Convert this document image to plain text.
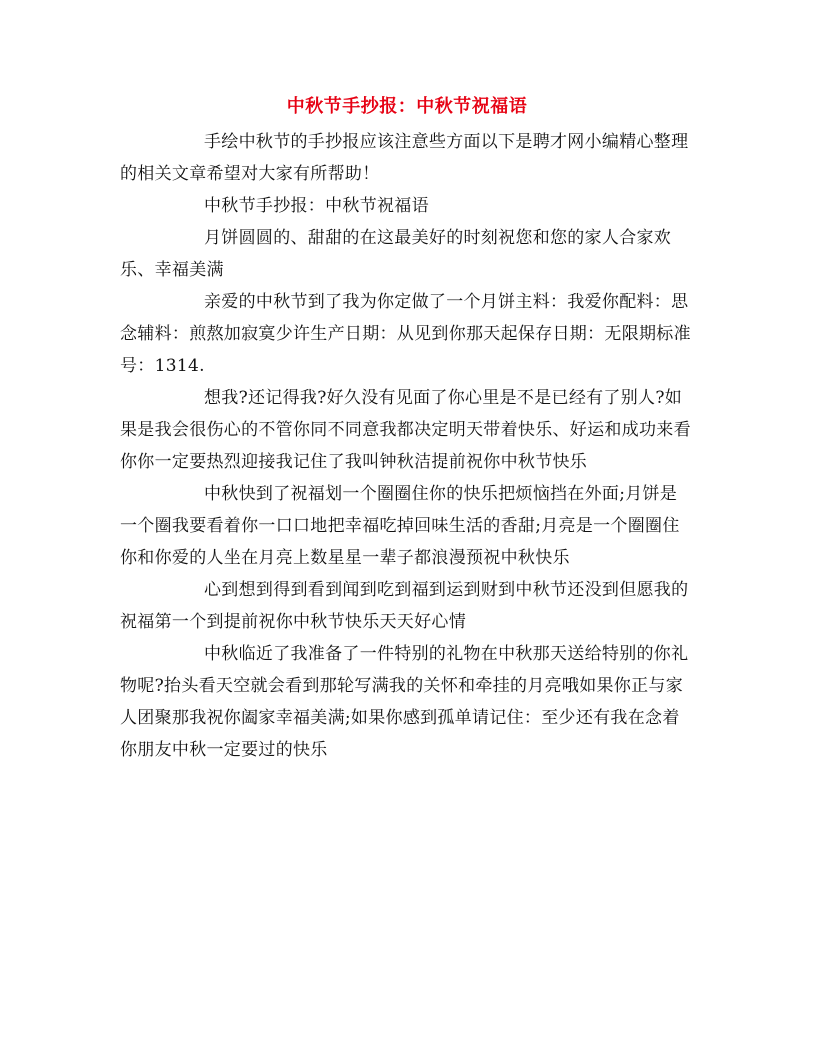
中秋节手抄报：中秋节祝福语

手绘中秋节的手抄报应该注意些方面以下是聘才网小编精心整理的相关文章希望对大家有所帮助！

中秋节手抄报：中秋节祝福语

月饼圆圆的、甜甜的在这最美好的时刻祝您和您的家人合家欢乐、幸福美满

亲爱的中秋节到了我为你定做了一个月饼主料：我爱你配料：思念辅料：煎熬加寂寞少许生产日期：从见到你那天起保存日期：无限期标准号：1314.

想我?还记得我?好久没有见面了你心里是不是已经有了别人?如果是我会很伤心的不管你同不同意我都决定明天带着快乐、好运和成功来看你你一定要热烈迎接我记住了我叫钟秋洁提前祝你中秋节快乐

中秋快到了祝福划一个圈圈住你的快乐把烦恼挡在外面;月饼是一个圈我要看着你一口口地把幸福吃掉回味生活的香甜;月亮是一个圈圈住你和你爱的人坐在月亮上数星星一辈子都浪漫预祝中秋快乐

心到想到得到看到闻到吃到福到运到财到中秋节还没到但愿我的祝福第一个到提前祝你中秋节快乐天天好心情

中秋临近了我准备了一件特别的礼物在中秋那天送给特别的你礼物呢?抬头看天空就会看到那轮写满我的关怀和牵挂的月亮哦如果你正与家人团聚那我祝你阖家幸福美满;如果你感到孤单请记住：至少还有我在念着你朋友中秋一定要过的快乐
